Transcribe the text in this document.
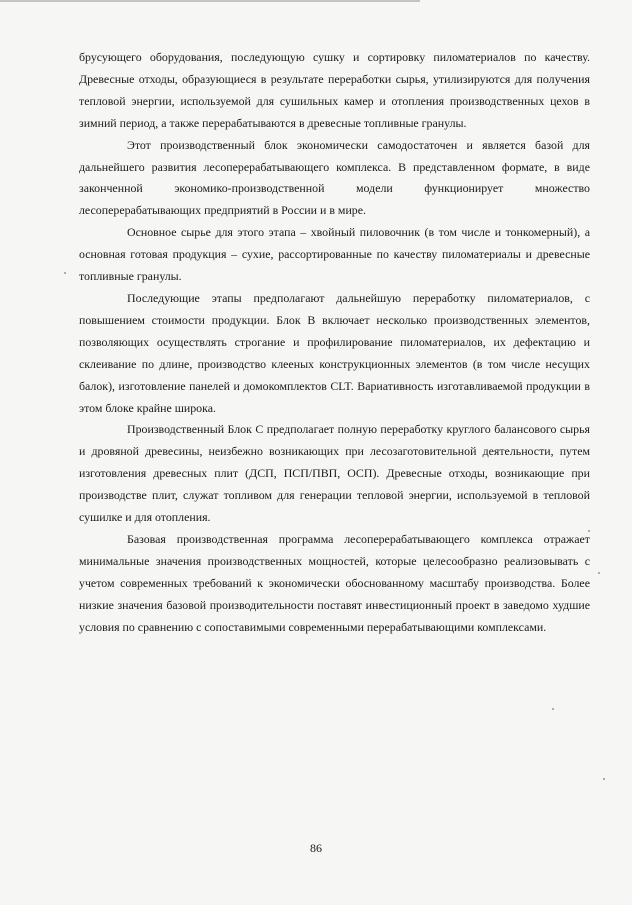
брусующего оборудования, последующую сушку и сортировку пиломатериалов по качеству. Древесные отходы, образующиеся в результате переработки сырья, утилизируются для получения тепловой энергии, используемой для сушильных камер и отопления производственных цехов в зимний период, а также перерабатываются в древесные топливные гранулы.

Этот производственный блок экономически самодостаточен и является базой для дальнейшего развития лесоперерабатывающего комплекса. В представленном формате, в виде законченной экономико-производственной модели функционирует множество лесоперерабатывающих предприятий в России и в мире.

Основное сырье для этого этапа – хвойный пиловочник (в том числе и тонкомерный), а основная готовая продукция – сухие, рассортированные по качеству пиломатериалы и древесные топливные гранулы.

Последующие этапы предполагают дальнейшую переработку пиломатериалов, с повышением стоимости продукции. Блок В включает несколько производственных элементов, позволяющих осуществлять строгание и профилирование пиломатериалов, их дефектацию и склеивание по длине, производство клееных конструкционных элементов (в том числе несущих балок), изготовление панелей и домокомплектов CLT. Вариативность изготавливаемой продукции в этом блоке крайне широка.

Производственный Блок С предполагает полную переработку круглого балансового сырья и дровяной древесины, неизбежно возникающих при лесозаготовительной деятельности, путем изготовления древесных плит (ДСП, ПСП/ПВП, ОСП). Древесные отходы, возникающие при производстве плит, служат топливом для генерации тепловой энергии, используемой в тепловой сушилке и для отопления.

Базовая производственная программа лесоперерабатывающего комплекса отражает минимальные значения производственных мощностей, которые целесообразно реализовывать с учетом современных требований к экономически обоснованному масштабу производства. Более низкие значения базовой производительности поставят инвестиционный проект в заведомо худшие условия по сравнению с сопоставимыми современными перерабатывающими комплексами.

86
